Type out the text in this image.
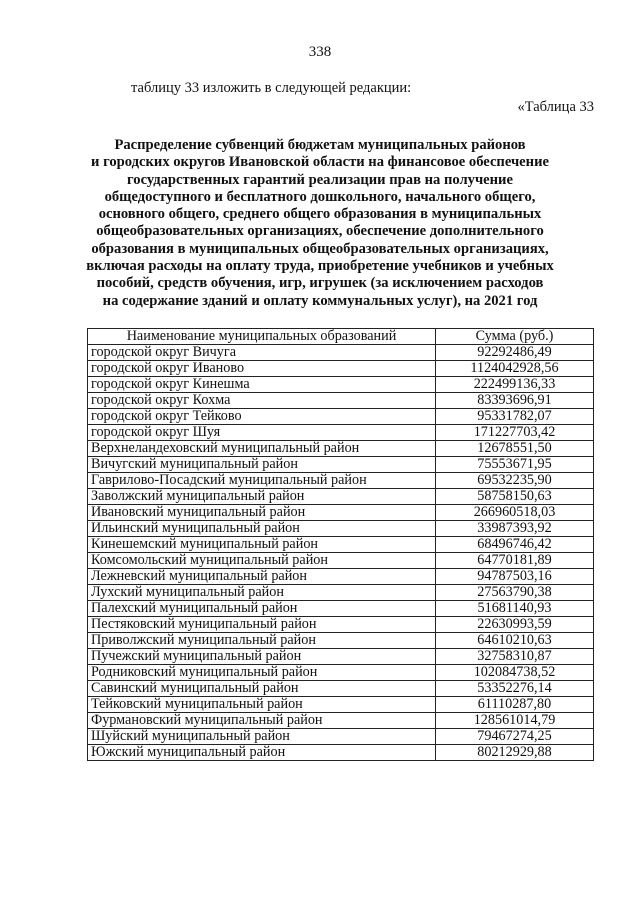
338
таблицу 33 изложить в следующей редакции:
«Таблица 33
Распределение субвенций бюджетам муниципальных районов
и городских округов Ивановской области на финансовое обеспечение
государственных гарантий реализации прав на получение
общедоступного и бесплатного дошкольного, начального общего,
основного общего, среднего общего образования в муниципальных
общеобразовательных организациях, обеспечение дополнительного
образования в муниципальных общеобразовательных организациях,
включая расходы на оплату труда, приобретение учебников и учебных
пособий, средств обучения, игр, игрушек (за исключением расходов
на содержание зданий и оплату коммунальных услуг), на 2021 год
Наименование муниципальных образований	Сумма (руб.)
городской округ Вичуга	92292486,49
городской округ Иваново	1124042928,56
городской округ Кинешма	222499136,33
городской округ Кохма	83393696,91
городской округ Тейково	95331782,07
городской округ Шуя	171227703,42
Верхнеландеховский муниципальный район	12678551,50
Вичугский муниципальный район	75553671,95
Гаврилово-Посадский муниципальный район	69532235,90
Заволжский муниципальный район	58758150,63
Ивановский муниципальный район	266960518,03
Ильинский муниципальный район	33987393,92
Кинешемский муниципальный район	68496746,42
Комсомольский муниципальный район	64770181,89
Лежневский муниципальный район	94787503,16
Лухский муниципальный район	27563790,38
Палехский муниципальный район	51681140,93
Пестяковский муниципальный район	22630993,59
Приволжский муниципальный район	64610210,63
Пучежский муниципальный район	32758310,87
Родниковский муниципальный район	102084738,52
Савинский муниципальный район	53352276,14
Тейковский муниципальный район	61110287,80
Фурмановский муниципальный район	128561014,79
Шуйский муниципальный район	79467274,25
Южский муниципальный район	80212929,88
